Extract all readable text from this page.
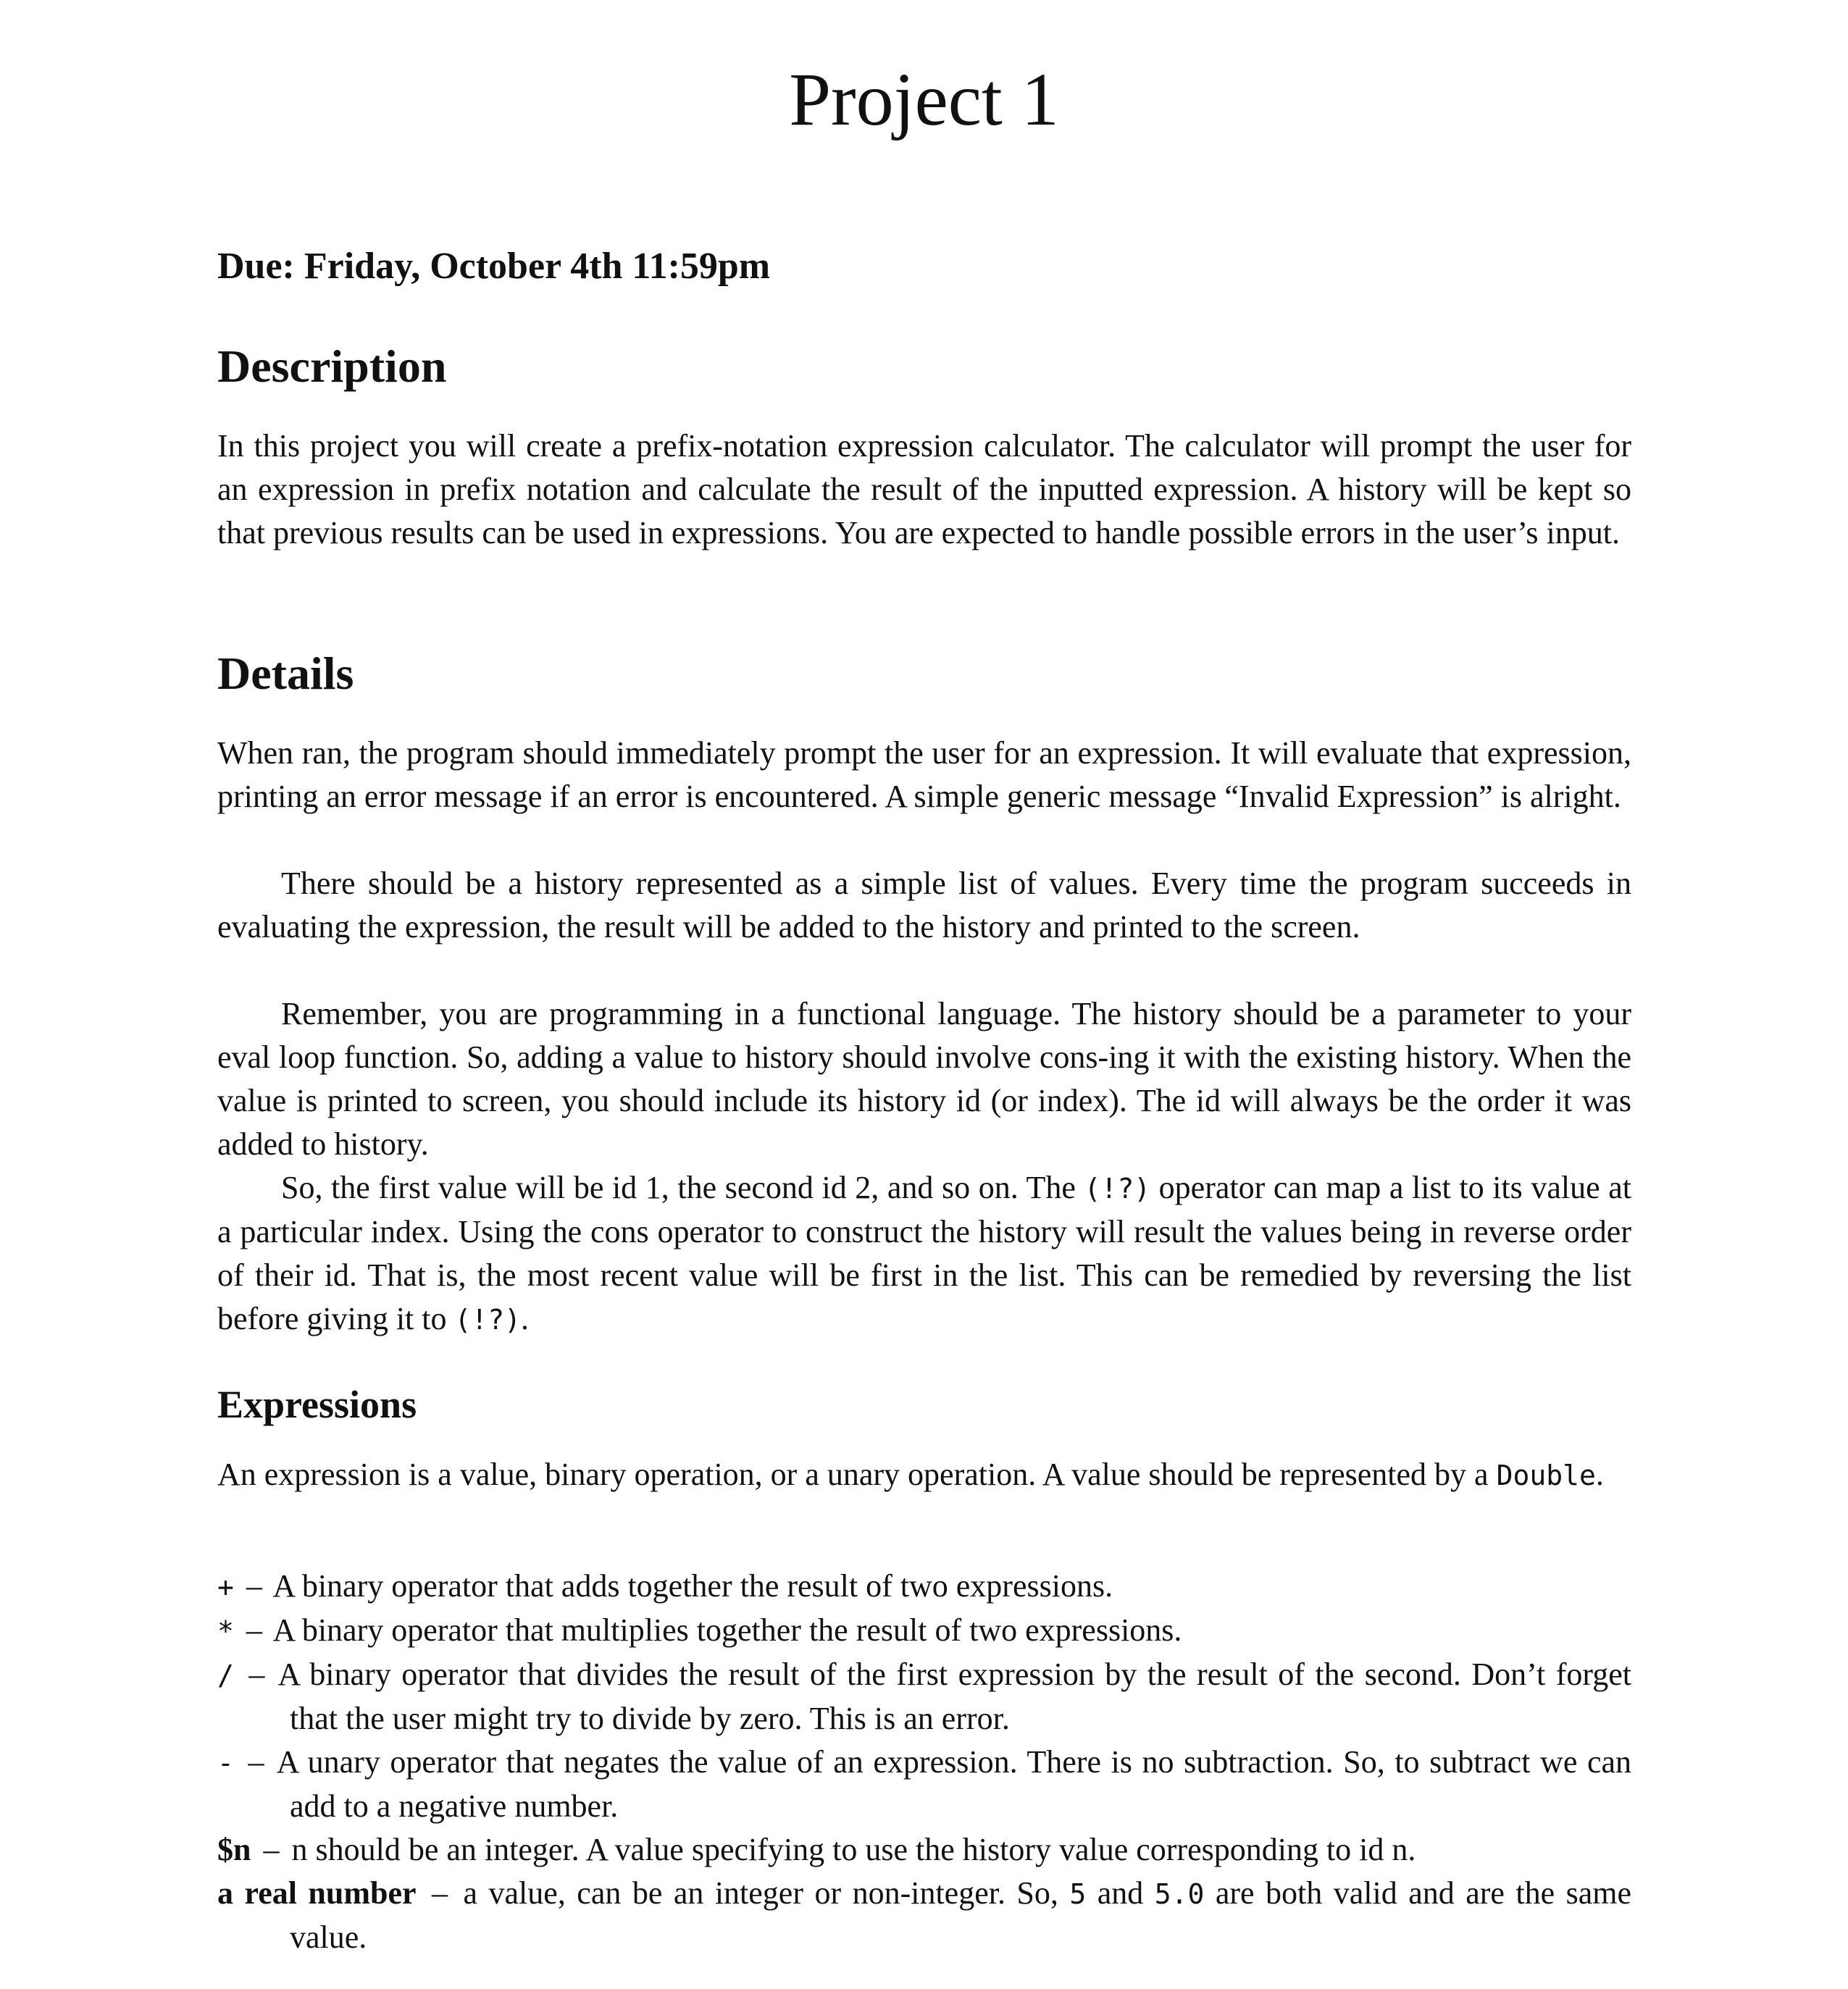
Project 1

Due: Friday, October 4th 11:59pm

Description

In this project you will create a prefix-notation expression calculator. The calculator will prompt the user for an expression in prefix notation and calculate the result of the inputted expression. A history will be kept so that previous results can be used in expressions. You are expected to handle possible errors in the user’s input.

Details

When ran, the program should immediately prompt the user for an expression. It will evaluate that expression, printing an error message if an error is encountered. A simple generic message “Invalid Expression” is alright.

There should be a history represented as a simple list of values. Every time the program succeeds in evaluating the expression, the result will be added to the history and printed to the screen.

Remember, you are programming in a functional language. The history should be a parameter to your eval loop function. So, adding a value to history should involve cons-ing it with the existing history. When the value is printed to screen, you should include its history id (or index). The id will always be the order it was added to history.

So, the first value will be id 1, the second id 2, and so on. The (!?) operator can map a list to its value at a particular index. Using the cons operator to construct the history will result the values being in reverse order of their id. That is, the most recent value will be first in the list. This can be remedied by reversing the list before giving it to (!?).

Expressions

An expression is a value, binary operation, or a unary operation. A value should be represented by a Double.

+ – A binary operator that adds together the result of two expressions.
* – A binary operator that multiplies together the result of two expressions.
/ – A binary operator that divides the result of the first expression by the result of the second. Don’t forget that the user might try to divide by zero. This is an error.
- – A unary operator that negates the value of an expression. There is no subtraction. So, to subtract we can add to a negative number.
$n – n should be an integer. A value specifying to use the history value corresponding to id n.
a real number – a value, can be an integer or non-integer. So, 5 and 5.0 are both valid and are the same value.
